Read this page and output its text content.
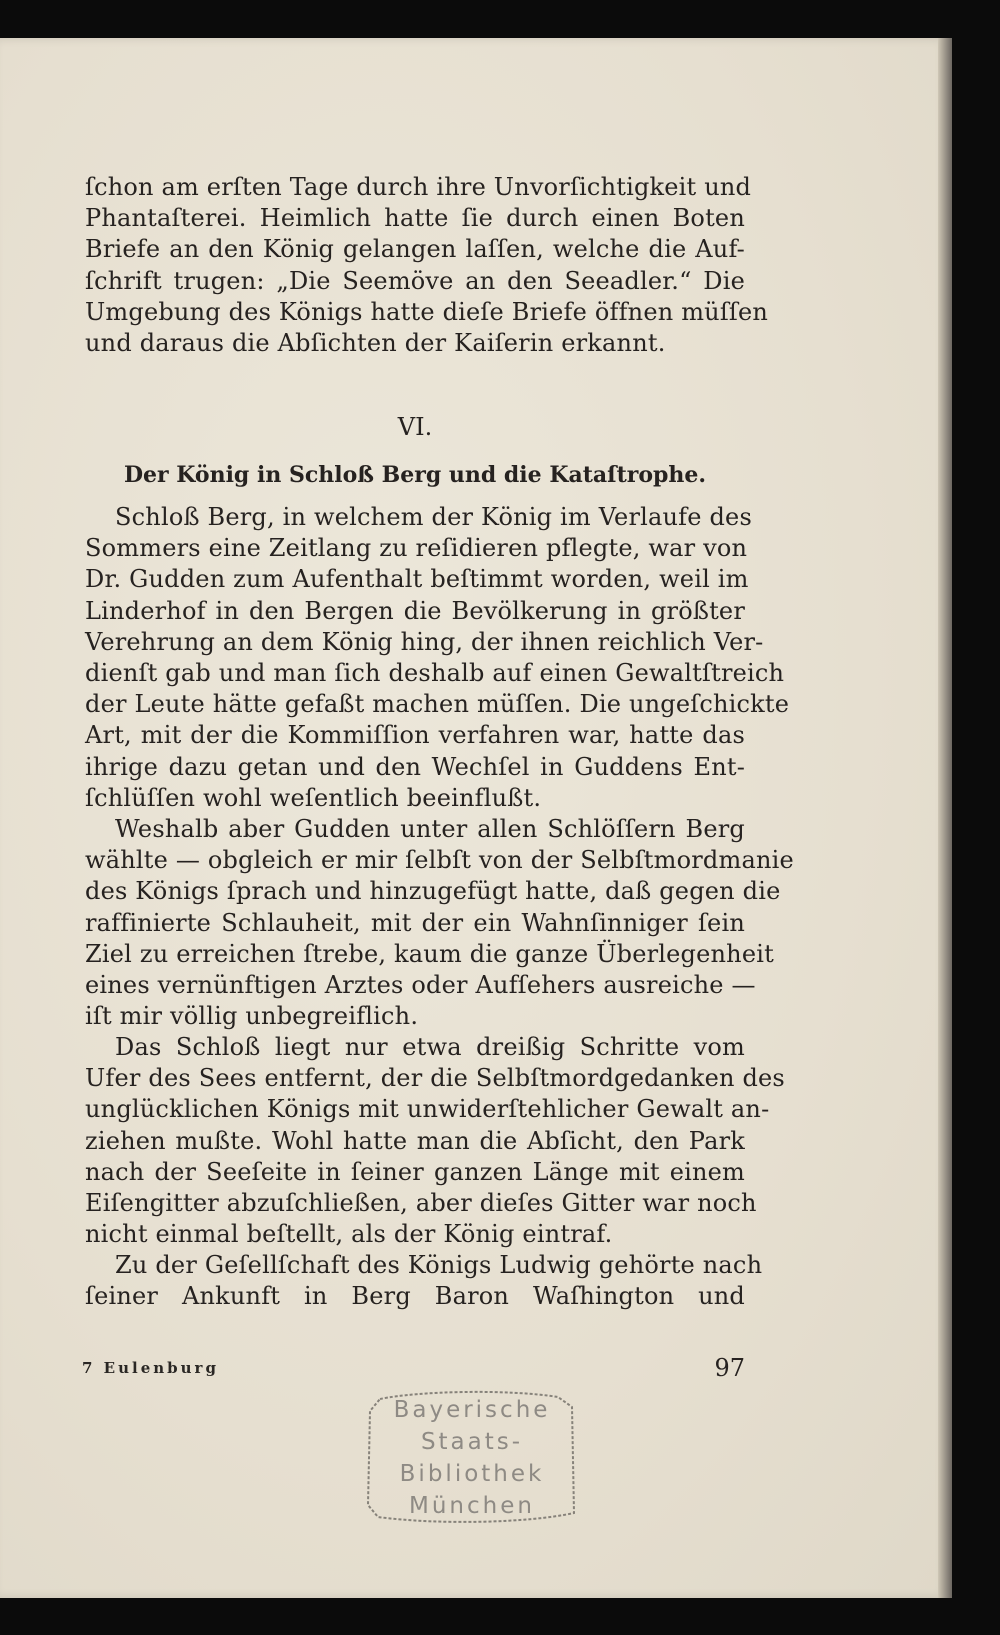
ſchon am erſten Tage durch ihre Unvorſichtigkeit und
Phantaſterei. Heimlich hatte ſie durch einen Boten
Briefe an den König gelangen laſſen, welche die Auf-
ſchrift trugen: „Die Seemöve an den Seeadler.“ Die
Umgebung des Königs hatte dieſe Briefe öffnen müſſen
und daraus die Abſichten der Kaiſerin erkannt.
VI.
Der König in Schloß Berg und die Kataſtrophe.
Schloß Berg, in welchem der König im Verlaufe des
Sommers eine Zeitlang zu reſidieren pflegte, war von
Dr. Gudden zum Aufenthalt beſtimmt worden, weil im
Linderhof in den Bergen die Bevölkerung in größter
Verehrung an dem König hing, der ihnen reichlich Ver-
dienſt gab und man ſich deshalb auf einen Gewaltſtreich
der Leute hätte gefaßt machen müſſen. Die ungeſchickte
Art, mit der die Kommiſſion verfahren war, hatte das
ihrige dazu getan und den Wechſel in Guddens Ent-
ſchlüſſen wohl weſentlich beeinflußt.
Weshalb aber Gudden unter allen Schlöſſern Berg
wählte — obgleich er mir ſelbſt von der Selbſtmordmanie
des Königs ſprach und hinzugefügt hatte, daß gegen die
raffinierte Schlauheit, mit der ein Wahnſinniger ſein
Ziel zu erreichen ſtrebe, kaum die ganze Überlegenheit
eines vernünftigen Arztes oder Aufſehers ausreiche —
iſt mir völlig unbegreiflich.
Das Schloß liegt nur etwa dreißig Schritte vom
Ufer des Sees entfernt, der die Selbſtmordgedanken des
unglücklichen Königs mit unwiderſtehlicher Gewalt an-
ziehen mußte. Wohl hatte man die Abſicht, den Park
nach der Seeſeite in ſeiner ganzen Länge mit einem
Eiſengitter abzuſchließen, aber dieſes Gitter war noch
nicht einmal beſtellt, als der König eintraf.
Zu der Geſellſchaft des Königs Ludwig gehörte nach
ſeiner Ankunft in Berg Baron Waſhington und
7 Eulenburg	97
Bayerische
Staats-
Bibliothek
München
